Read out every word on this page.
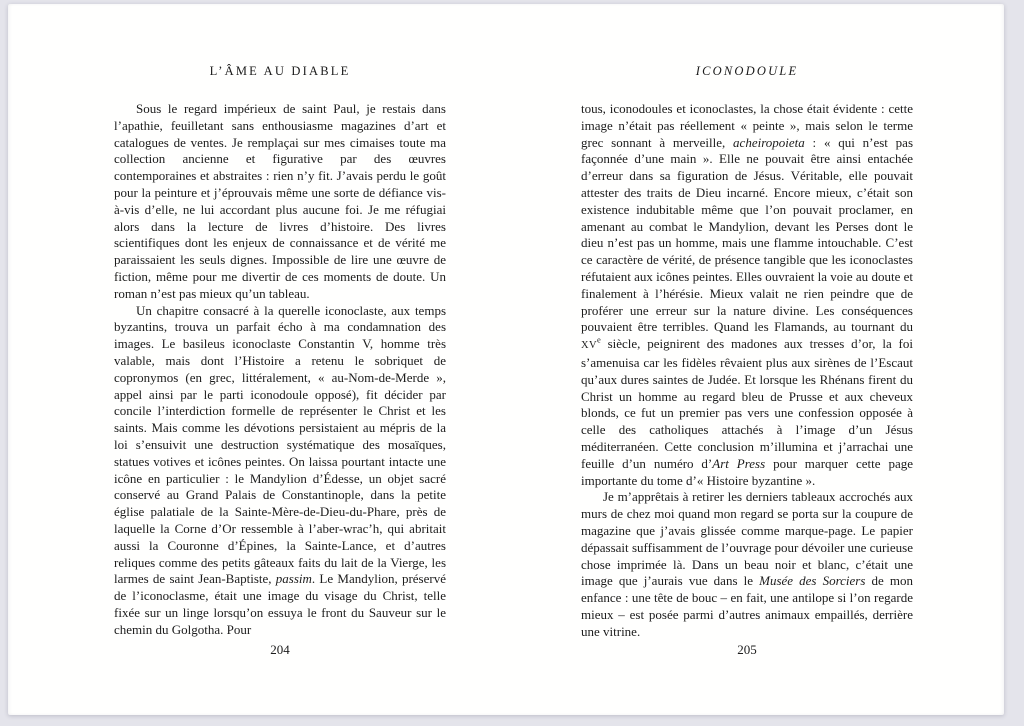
L’ÂME AU DIABLE

Sous le regard impérieux de saint Paul, je restais dans l’apathie, feuilletant sans enthousiasme magazines d’art et catalogues de ventes. Je remplaçai sur mes cimaises toute ma collection ancienne et figurative par des œuvres contemporaines et abstraites : rien n’y fit. J’avais perdu le goût pour la peinture et j’éprouvais même une sorte de défiance vis-à-vis d’elle, ne lui accordant plus aucune foi. Je me réfugiai alors dans la lecture de livres d’histoire. Des livres scientifiques dont les enjeux de connaissance et de vérité me paraissaient les seuls dignes. Impossible de lire une œuvre de fiction, même pour me divertir de ces moments de doute. Un roman n’est pas mieux qu’un tableau.

Un chapitre consacré à la querelle iconoclaste, aux temps byzantins, trouva un parfait écho à ma condamnation des images. Le basileus iconoclaste Constantin V, homme très valable, mais dont l’Histoire a retenu le sobriquet de copronymos (en grec, littéralement, « au-Nom-de-Merde », appel ainsi par le parti iconodoule opposé), fit décider par concile l’interdiction formelle de représenter le Christ et les saints. Mais comme les dévotions persistaient au mépris de la loi s’ensuivit une destruction systématique des mosaïques, statues votives et icônes peintes. On laissa pourtant intacte une icône en particulier : le Mandylion d’Édesse, un objet sacré conservé au Grand Palais de Constantinople, dans la petite église palatiale de la Sainte-Mère-de-Dieu-du-Phare, près de laquelle la Corne d’Or ressemble à l’aber-wrac’h, qui abritait aussi la Couronne d’Épines, la Sainte-Lance, et d’autres reliques comme des petits gâteaux faits du lait de la Vierge, les larmes de saint Jean-Baptiste, passim. Le Mandylion, préservé de l’iconoclasme, était une image du visage du Christ, telle fixée sur un linge lorsqu’on essuya le front du Sauveur sur le chemin du Golgotha. Pour

ICONODOULE

tous, iconodoules et iconoclastes, la chose était évidente : cette image n’était pas réellement « peinte », mais selon le terme grec sonnant à merveille, acheiropoieta : « qui n’est pas façonnée d’une main ». Elle ne pouvait être ainsi entachée d’erreur dans sa figuration de Jésus. Véritable, elle pouvait attester des traits de Dieu incarné. Encore mieux, c’était son existence indubitable même que l’on pouvait proclamer, en amenant au combat le Mandylion, devant les Perses dont le dieu n’est pas un homme, mais une flamme intouchable. C’est ce caractère de vérité, de présence tangible que les iconoclastes réfutaient aux icônes peintes. Elles ouvraient la voie au doute et finalement à l’hérésie. Mieux valait ne rien peindre que de proférer une erreur sur la nature divine. Les conséquences pouvaient être terribles. Quand les Flamands, au tournant du XVe siècle, peignirent des madones aux tresses d’or, la foi s’amenuisa car les fidèles rêvaient plus aux sirènes de l’Escaut qu’aux dures saintes de Judée. Et lorsque les Rhénans firent du Christ un homme au regard bleu de Prusse et aux cheveux blonds, ce fut un premier pas vers une confession opposée à celle des catholiques attachés à l’image d’un Jésus méditerranéen. Cette conclusion m’illumina et j’arrachai une feuille d’un numéro d’Art Press pour marquer cette page importante du tome d’« Histoire byzantine ».

Je m’apprêtais à retirer les derniers tableaux accrochés aux murs de chez moi quand mon regard se porta sur la coupure de magazine que j’avais glissée comme marque-page. Le papier dépassait suffisamment de l’ouvrage pour dévoiler une curieuse chose imprimée là. Dans un beau noir et blanc, c’était une image que j’aurais vue dans le Musée des Sorciers de mon enfance : une tête de bouc – en fait, une antilope si l’on regarde mieux – est posée parmi d’autres animaux empaillés, derrière une vitrine.

204	205
